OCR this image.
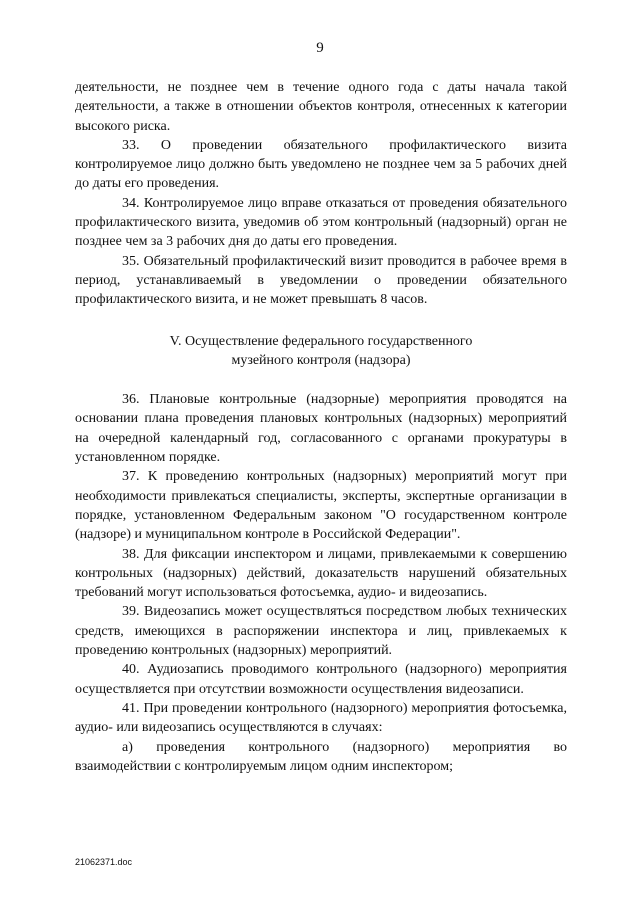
9

деятельности, не позднее чем в течение одного года с даты начала такой деятельности, а также в отношении объектов контроля, отнесенных к категории высокого риска.

33. О проведении обязательного профилактического визита контролируемое лицо должно быть уведомлено не позднее чем за 5 рабочих дней до даты его проведения.

34. Контролируемое лицо вправе отказаться от проведения обязательного профилактического визита, уведомив об этом контрольный (надзорный) орган не позднее чем за 3 рабочих дня до даты его проведения.

35. Обязательный профилактический визит проводится в рабочее время в период, устанавливаемый в уведомлении о проведении обязательного профилактического визита, и не может превышать 8 часов.

V. Осуществление федерального государственного
музейного контроля (надзора)

36. Плановые контрольные (надзорные) мероприятия проводятся на основании плана проведения плановых контрольных (надзорных) мероприятий на очередной календарный год, согласованного с органами прокуратуры в установленном порядке.

37. К проведению контрольных (надзорных) мероприятий могут при необходимости привлекаться специалисты, эксперты, экспертные организации в порядке, установленном Федеральным законом "О государственном контроле (надзоре) и муниципальном контроле в Российской Федерации".

38. Для фиксации инспектором и лицами, привлекаемыми к совершению контрольных (надзорных) действий, доказательств нарушений обязательных требований могут использоваться фотосъемка, аудио- и видеозапись.

39. Видеозапись может осуществляться посредством любых технических средств, имеющихся в распоряжении инспектора и лиц, привлекаемых к проведению контрольных (надзорных) мероприятий.

40. Аудиозапись проводимого контрольного (надзорного) мероприятия осуществляется при отсутствии возможности осуществления видеозаписи.

41. При проведении контрольного (надзорного) мероприятия фотосъемка, аудио- или видеозапись осуществляются в случаях:

а) проведения контрольного (надзорного) мероприятия во взаимодействии с контролируемым лицом одним инспектором;

21062371.doc
